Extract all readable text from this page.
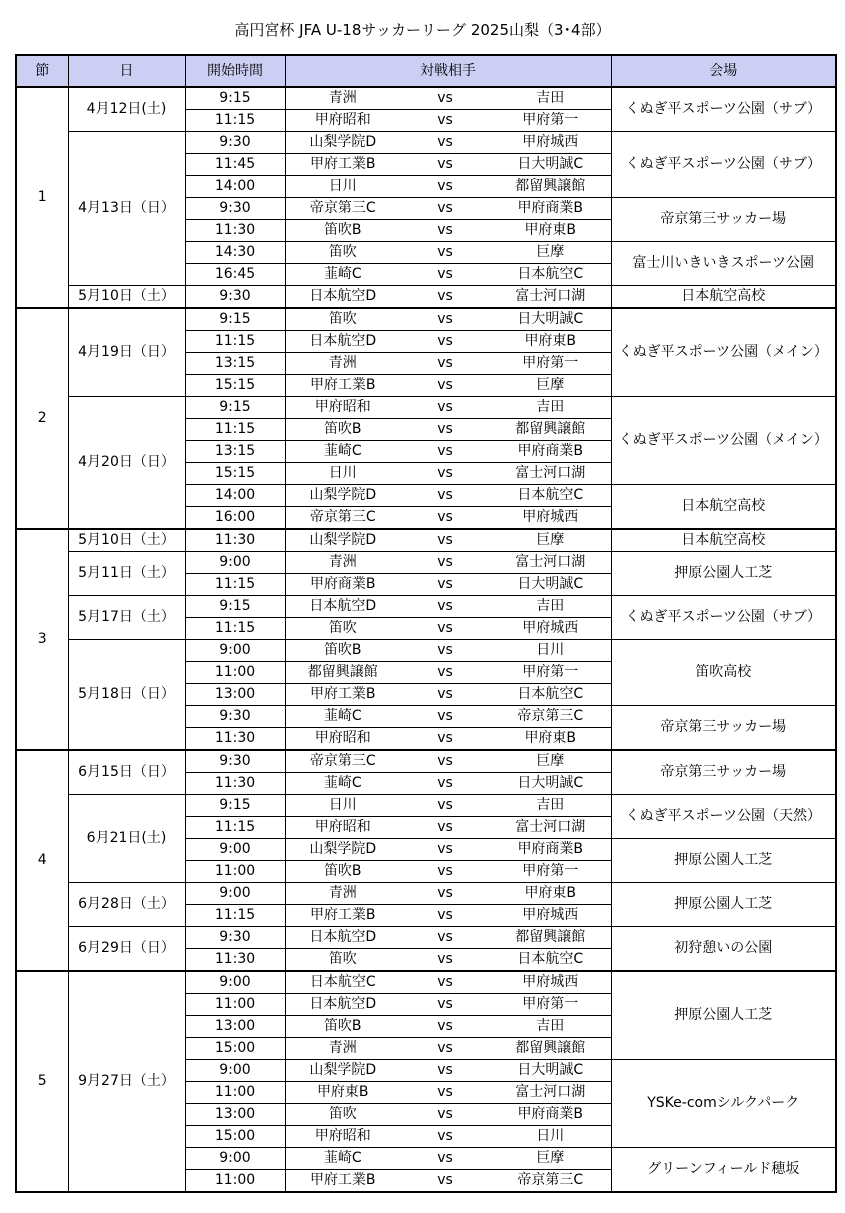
高円宮杯 JFA U-18サッカーリーグ 2025山梨（3･4部）
節	日	開始時間	対戦相手			会場
1	4月12日(土)	9:15	青洲	vs	吉田	くぬぎ平スポーツ公園（サブ）
		11:15	甲府昭和	vs	甲府第一	
	4月13日（日）	9:30	山梨学院D	vs	甲府城西	くぬぎ平スポーツ公園（サブ）
		11:45	甲府工業B	vs	日大明誠C	
		14:00	日川	vs	都留興譲館	
		9:30	帝京第三C	vs	甲府商業B	帝京第三サッカー場
		11:30	笛吹B	vs	甲府東B	
		14:30	笛吹	vs	巨摩	富士川いきいきスポーツ公園
		16:45	韮崎C	vs	日本航空C	
	5月10日（土）	9:30	日本航空D	vs	富士河口湖	日本航空高校
2	4月19日（日）	9:15	笛吹	vs	日大明誠C	くぬぎ平スポーツ公園（メイン）
		11:15	日本航空D	vs	甲府東B	
		13:15	青洲	vs	甲府第一	
		15:15	甲府工業B	vs	巨摩	
	4月20日（日）	9:15	甲府昭和	vs	吉田	くぬぎ平スポーツ公園（メイン）
		11:15	笛吹B	vs	都留興譲館	
		13:15	韮崎C	vs	甲府商業B	
		15:15	日川	vs	富士河口湖	
		14:00	山梨学院D	vs	日本航空C	日本航空高校
		16:00	帝京第三C	vs	甲府城西	
3	5月10日（土）	11:30	山梨学院D	vs	巨摩	日本航空高校
	5月11日（土）	9:00	青洲	vs	富士河口湖	押原公園人工芝
		11:15	甲府商業B	vs	日大明誠C	
	5月17日（土）	9:15	日本航空D	vs	吉田	くぬぎ平スポーツ公園（サブ）
		11:15	笛吹	vs	甲府城西	
	5月18日（日）	9:00	笛吹B	vs	日川	笛吹高校
		11:00	都留興譲館	vs	甲府第一	
		13:00	甲府工業B	vs	日本航空C	
		9:30	韮崎C	vs	帝京第三C	帝京第三サッカー場
		11:30	甲府昭和	vs	甲府東B	
4	6月15日（日）	9:30	帝京第三C	vs	巨摩	帝京第三サッカー場
		11:30	韮崎C	vs	日大明誠C	
	6月21日(土)	9:15	日川	vs	吉田	くぬぎ平スポーツ公園（天然）
		11:15	甲府昭和	vs	富士河口湖	
		9:00	山梨学院D	vs	甲府商業B	押原公園人工芝
		11:00	笛吹B	vs	甲府第一	
	6月28日（土）	9:00	青洲	vs	甲府東B	押原公園人工芝
		11:15	甲府工業B	vs	甲府城西	
	6月29日（日）	9:30	日本航空D	vs	都留興譲館	初狩憩いの公園
		11:30	笛吹	vs	日本航空C	
5	9月27日（土）	9:00	日本航空C	vs	甲府城西	押原公園人工芝
		11:00	日本航空D	vs	甲府第一	
		13:00	笛吹B	vs	吉田	
		15:00	青洲	vs	都留興譲館	
		9:00	山梨学院D	vs	日大明誠C	YSKe-comシルクパーク
		11:00	甲府東B	vs	富士河口湖	
		13:00	笛吹	vs	甲府商業B	
		15:00	甲府昭和	vs	日川	
		9:00	韮崎C	vs	巨摩	グリーンフィールド穂坂
		11:00	甲府工業B	vs	帝京第三C	
